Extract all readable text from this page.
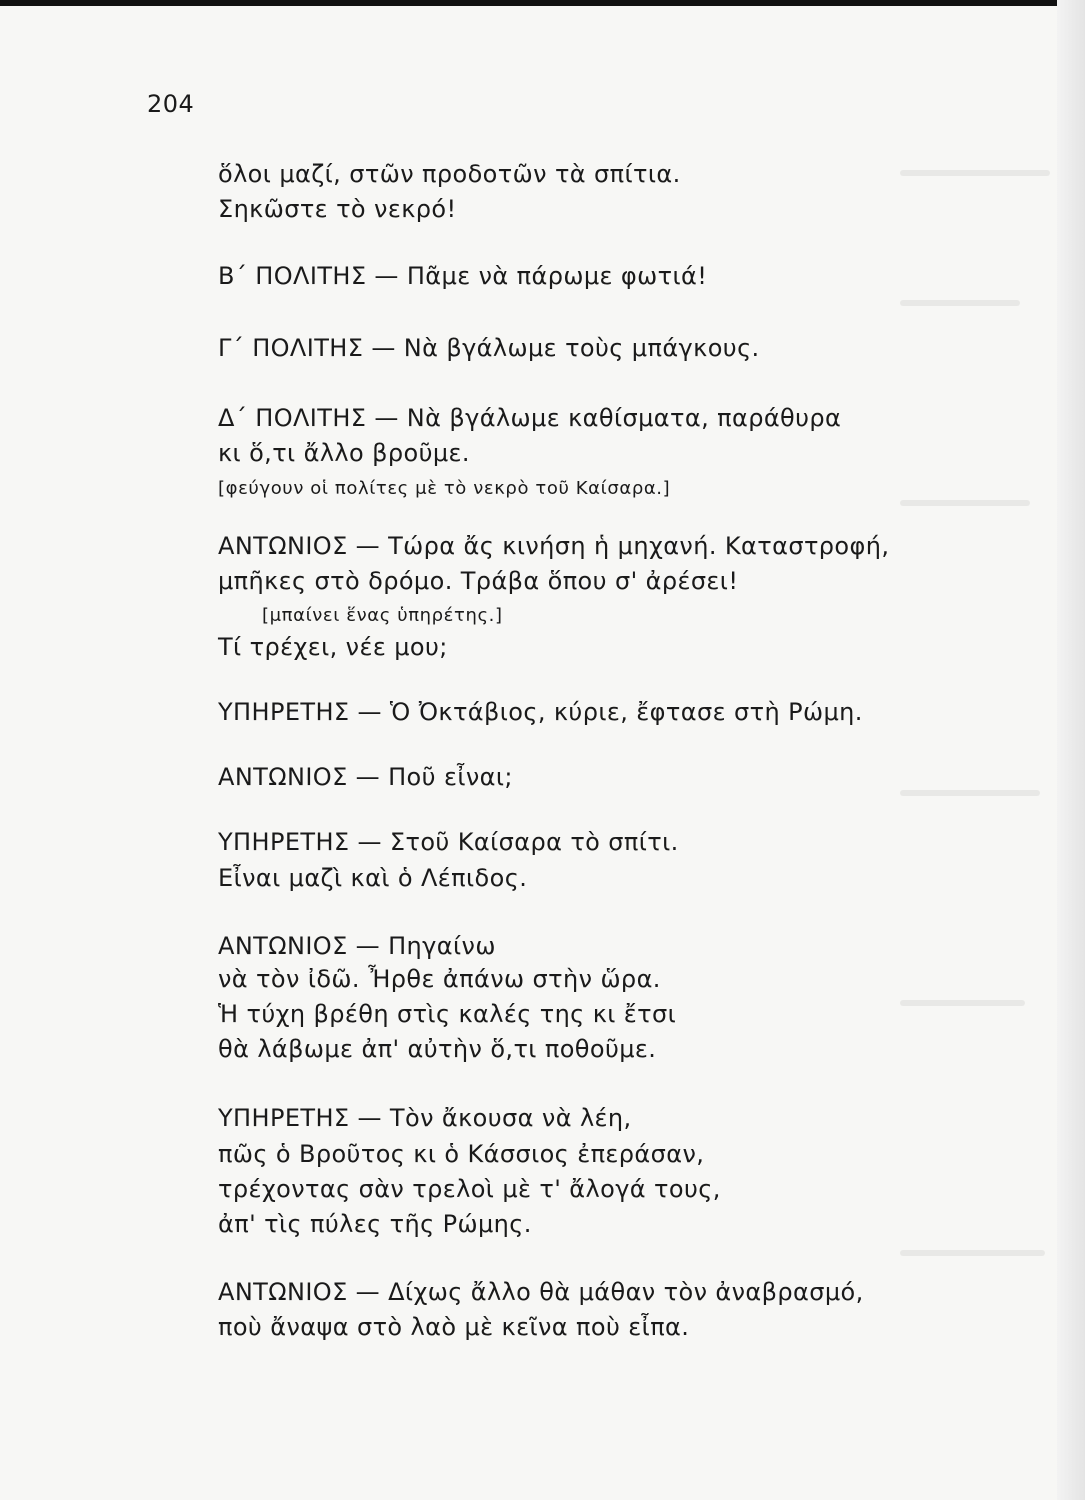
204
ὅλοι μαζί, στῶν προδοτῶν τὰ σπίτια.
Σηκῶστε τὸ νεκρό!
Β΄ ΠΟΛΙΤΗΣ — Πᾶμε νὰ πάρωμε φωτιά!
Γ΄ ΠΟΛΙΤΗΣ — Νὰ βγάλωμε τοὺς μπάγκους.
Δ΄ ΠΟΛΙΤΗΣ — Νὰ βγάλωμε καθίσματα, παράθυρα
κι ὅ,τι ἄλλο βροῦμε.
[φεύγουν οἱ πολίτες μὲ τὸ νεκρὸ τοῦ Καίσαρα.]
ΑΝΤΩΝΙΟΣ — Τώρα ἄς κινήση ἡ μηχανή. Καταστροφή,
μπῆκες στὸ δρόμο. Τράβα ὅπου σ' ἀρέσει!
[μπαίνει ἕνας ὑπηρέτης.]
Τί τρέχει, νέε μου;
ΥΠΗΡΕΤΗΣ — Ὁ Ὀκτάβιος, κύριε, ἔφτασε στὴ Ρώμη.
ΑΝΤΩΝΙΟΣ — Ποῦ εἶναι;
ΥΠΗΡΕΤΗΣ — Στοῦ Καίσαρα τὸ σπίτι.
Εἶναι μαζὶ καὶ ὁ Λέπιδος.
ΑΝΤΩΝΙΟΣ — Πηγαίνω
νὰ τὸν ἰδῶ. Ἦρθε ἀπάνω στὴν ὥρα.
Ἡ τύχη βρέθη στὶς καλές της κι ἔτσι
θὰ λάβωμε ἀπ' αὐτὴν ὅ,τι ποθοῦμε.
ΥΠΗΡΕΤΗΣ — Τὸν ἄκουσα νὰ λέη,
πῶς ὁ Βροῦτος κι ὁ Κάσσιος ἐπεράσαν,
τρέχοντας σὰν τρελοὶ μὲ τ' ἄλογά τους,
ἀπ' τὶς πύλες τῆς Ρώμης.
ΑΝΤΩΝΙΟΣ — Δίχως ἄλλο θὰ μάθαν τὸν ἀναβρασμό,
ποὺ ἄναψα στὸ λαὸ μὲ κεῖνα ποὺ εἶπα.
